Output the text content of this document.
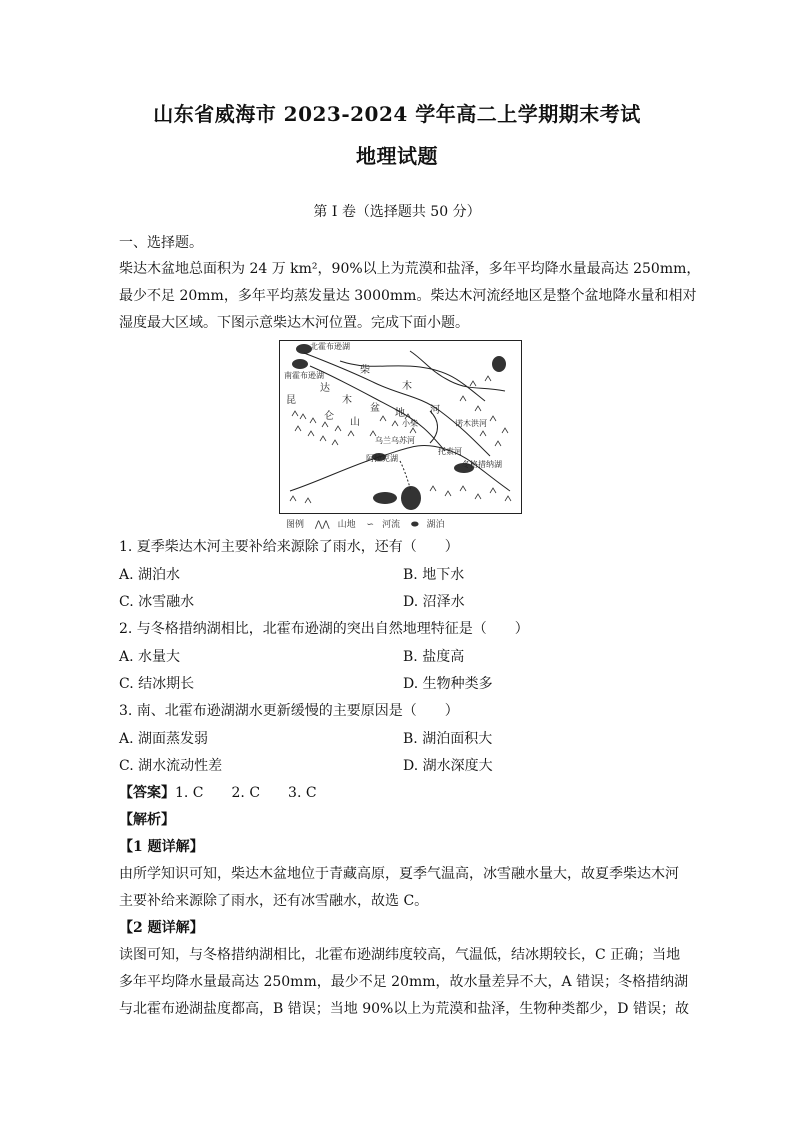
山东省威海市 2023-2024 学年高二上学期期末考试
地理试题
第 I 卷（选择题共 50 分）
一、选择题。
柴达木盆地总面积为 24 万 km²，90%以上为荒漠和盐泽，多年平均降水量最高达 250mm，
最少不足 20mm，多年平均蒸发量达 3000mm。柴达木河流经地区是整个盆地降水量和相对
湿度最大区域。下图示意柴达木河位置。完成下面小题。
北霍布逊湖
南霍布逊湖
达
柴
木
盆 地
昆
仑
山
河
木
乌兰乌苏河
阿拉克湖
托索河
冬格措纳湖
小柴	诺木洪河
图例 ⋀⋀ 山地 ∽ 河流 ⬬ 湖泊
1. 夏季柴达木河主要补给来源除了雨水，还有（　　）
A. 湖泊水	B. 地下水
C. 冰雪融水	D. 沼泽水
2. 与冬格措纳湖相比，北霍布逊湖的突出自然地理特征是（　　）
A. 水量大	B. 盐度高
C. 结冰期长	D. 生物种类多
3. 南、北霍布逊湖湖水更新缓慢的主要原因是（　　）
A. 湖面蒸发弱	B. 湖泊面积大
C. 湖水流动性差	D. 湖水深度大
【答案】1. C　　2. C　　3. C
【解析】
【1 题详解】
由所学知识可知，柴达木盆地位于青藏高原，夏季气温高，冰雪融水量大，故夏季柴达木河
主要补给来源除了雨水，还有冰雪融水，故选 C。
【2 题详解】
读图可知，与冬格措纳湖相比，北霍布逊湖纬度较高，气温低，结冰期较长，C 正确；当地
多年平均降水量最高达 250mm，最少不足 20mm，故水量差异不大，A 错误；冬格措纳湖
与北霍布逊湖盐度都高，B 错误；当地 90%以上为荒漠和盐泽，生物种类都少，D 错误；故
